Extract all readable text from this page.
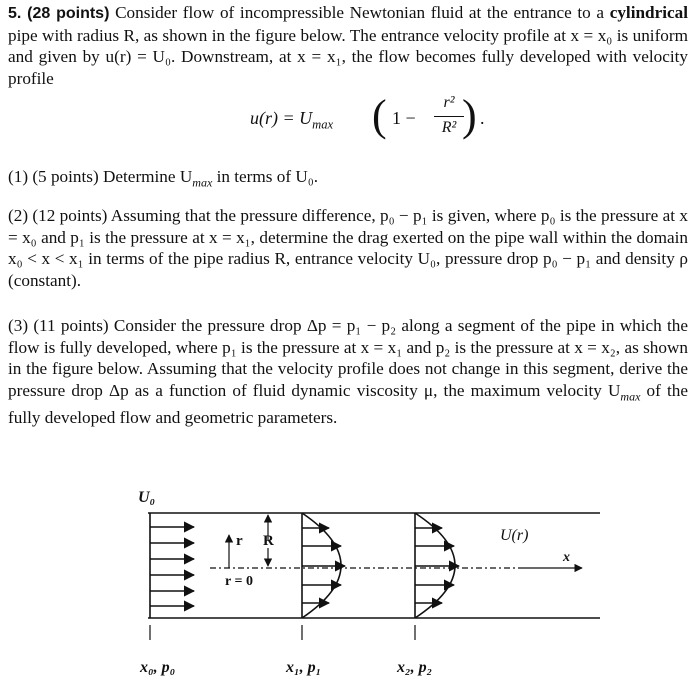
5. (28 points) Consider flow of incompressible Newtonian fluid at the entrance to a cylindrical pipe with radius R, as shown in the figure below. The entrance velocity profile at x = x₀ is uniform and given by u(r) = U₀. Downstream, at x = x₁, the flow becomes fully developed with velocity profile
$u(r) = U_{max}$ ( 1 −
r²
R² ) .
(1) (5 points) Determine $U_{max}$ in terms of U₀.
(2) (12 points) Assuming that the pressure difference, p₀ − p₁ is given, where p₀ is the pressure at x = x₀ and p₁ is the pressure at x = x₁, determine the drag exerted on the pipe wall within the domain x₀ < x < x₁ in terms of the pipe radius R, entrance velocity U₀, pressure drop p₀ − p₁ and density ρ (constant).
(3) (11 points) Consider the pressure drop Δp = p₁ − p₂ along a segment of the pipe in which the flow is fully developed, where p₁ is the pressure at x = x₁ and p₂ is the pressure at x = x₂, as shown in the figure below. Assuming that the velocity profile does not change in this segment, derive the pressure drop Δp as a function of fluid dynamic viscosity μ, the maximum velocity $U_{max}$ of the fully developed flow and geometric parameters.
U₀
U(r)
x
r R
r = 0
x₀, p₀	x₁, p₁	x₂, p₂
